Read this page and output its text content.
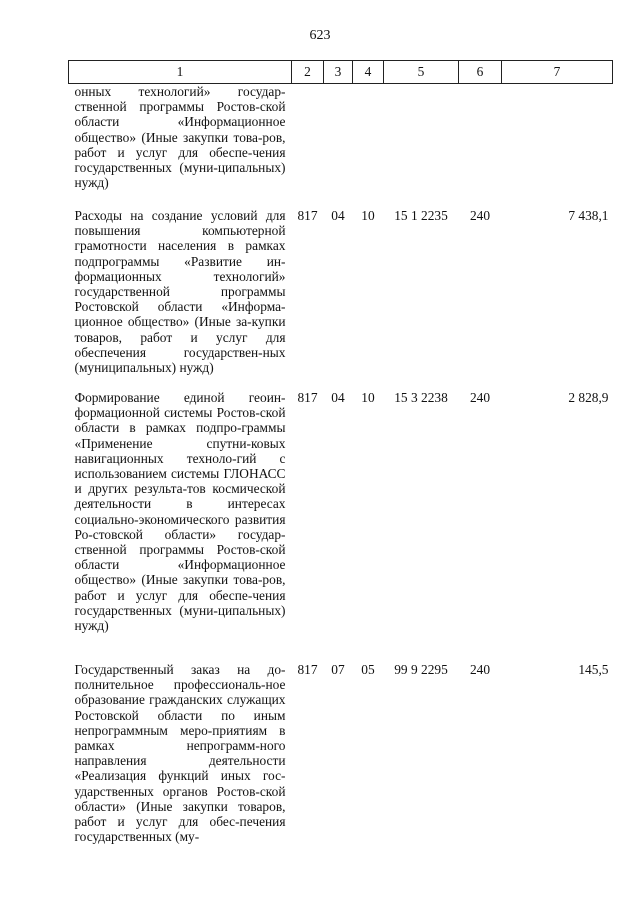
623
1	2	3	4	5	6	7
онных технологий» государ-ственной программы Ростов-ской области «Информационное общество» (Иные закупки това-ров, работ и услуг для обеспе-чения государственных (муни-ципальных) нужд)						
Расходы на создание условий для повышения компьютерной грамотности населения в рамках подпрограммы «Развитие ин-формационных технологий» государственной программы Ростовской области «Информа-ционное общество» (Иные за-купки товаров, работ и услуг для обеспечения государствен-ных (муниципальных) нужд)	817	04	10	15 1 2235	240	7 438,1
Формирование единой геоин-формационной системы Ростов-ской области в рамках подпро-граммы «Применение спутни-ковых навигационных техноло-гий с использованием системы ГЛОНАСС и других результа-тов космической деятельности в интересах социально-экономического развития Ро-стовской области» государ-ственной программы Ростов-ской области «Информационное общество» (Иные закупки това-ров, работ и услуг для обеспе-чения государственных (муни-ципальных) нужд)	817	04	10	15 3 2238	240	2 828,9
Государственный заказ на до-полнительное профессиональ-ное образование гражданских служащих Ростовской области по иным непрограммным меро-приятиям в рамках непрограмм-ного направления деятельности «Реализация функций иных гос-ударственных органов Ростов-ской области» (Иные закупки товаров, работ и услуг для обес-печения государственных (му-	817	07	05	99 9 2295	240	145,5
